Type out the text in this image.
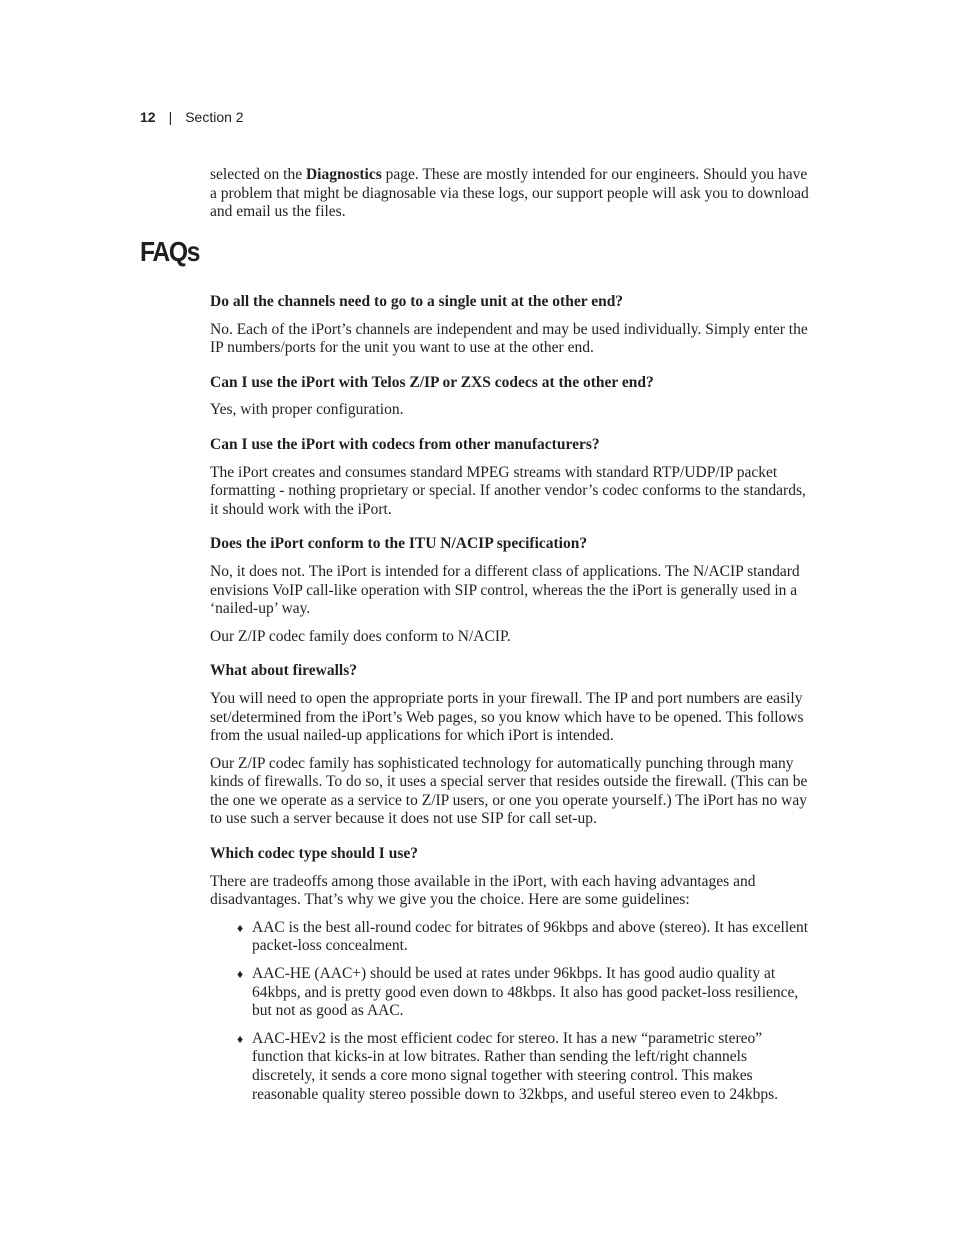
12 | Section 2

selected on the Diagnostics page. These are mostly intended for our engineers. Should you have a problem that might be diagnosable via these logs, our support people will ask you to download and email us the files.

FAQs

Do all the channels need to go to a single unit at the other end?

No. Each of the iPort’s channels are independent and may be used individually. Simply enter the IP numbers/ports for the unit you want to use at the other end.

Can I use the iPort with Telos Z/IP or ZXS codecs at the other end?

Yes, with proper configuration.

Can I use the iPort with codecs from other manufacturers?

The iPort creates and consumes standard MPEG streams with standard RTP/UDP/IP packet formatting - nothing proprietary or special. If another vendor’s codec conforms to the standards, it should work with the iPort.

Does the iPort conform to the ITU N/ACIP specification?

No, it does not. The iPort is intended for a different class of applications. The N/ACIP standard envisions VoIP call-like operation with SIP control, whereas the the iPort is generally used in a ‘nailed-up’ way.

Our Z/IP codec family does conform to N/ACIP.

What about firewalls?

You will need to open the appropriate ports in your firewall. The IP and port numbers are easily set/determined from the iPort’s Web pages, so you know which have to be opened. This follows from the usual nailed-up applications for which iPort is intended.

Our Z/IP codec family has sophisticated technology for automatically punching through many kinds of firewalls. To do so, it uses a special server that resides outside the firewall. (This can be the one we operate as a service to Z/IP users, or one you operate yourself.) The iPort has no way to use such a server because it does not use SIP for call set-up.

Which codec type should I use?

There are tradeoffs among those available in the iPort, with each having advantages and disadvantages. That’s why we give you the choice. Here are some guidelines:

♦ AAC is the best all-round codec for bitrates of 96kbps and above (stereo). It has excellent packet-loss concealment.
♦ AAC-HE (AAC+) should be used at rates under 96kbps. It has good audio quality at 64kbps, and is pretty good even down to 48kbps. It also has good packet-loss resilience, but not as good as AAC.
♦ AAC-HEv2 is the most efficient codec for stereo. It has a new “parametric stereo” function that kicks-in at low bitrates. Rather than sending the left/right channels discretely, it sends a core mono signal together with steering control. This makes reasonable quality stereo possible down to 32kbps, and useful stereo even to 24kbps.
